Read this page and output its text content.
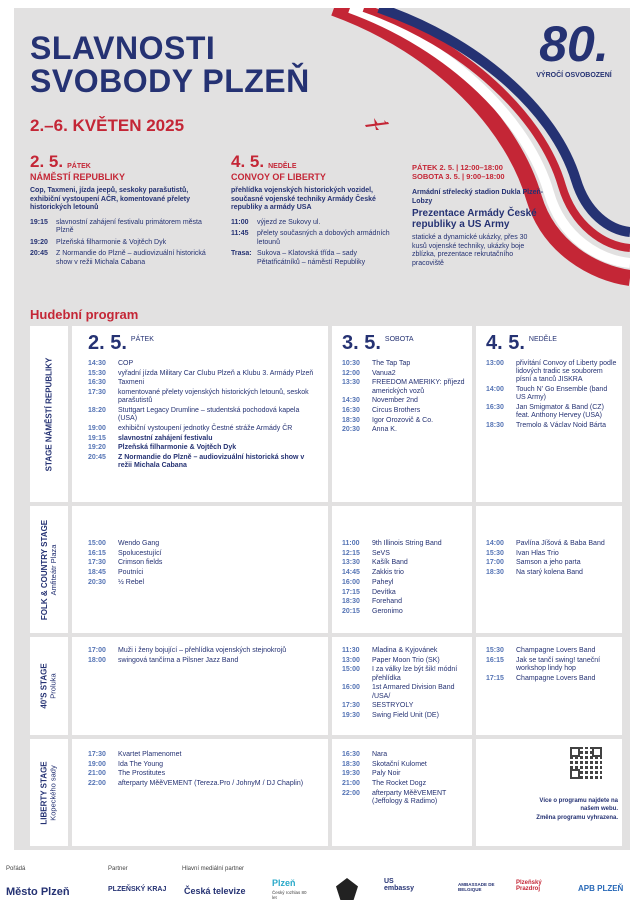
SLAVNOSTI
SVOBODY PLZEŇ
2.–6. KVĚTEN 2025
80.
VÝROČÍ OSVOBOZENÍ
2. 5. PÁTEK
NÁMĚSTÍ REPUBLIKY
Cop, Taxmeni, jízda jeepů, seskoky parašutistů, exhibiční vystoupení AČR, komentované přelety historických letounů
19:15	slavnostní zahájení festivalu primátorem města Plzně
19:20	Plzeňská filharmonie & Vojtěch Dyk
20:45	Z Normandie do Plzně – audiovizuální historická show v režii Michala Cabana
4. 5. NEDĚLE
CONVOY OF LIBERTY
přehlídka vojenských historických vozidel, současné vojenské techniky Armády České republiky a armády USA
11:00	výjezd ze Sukovy ul.
11:45	přelety současných a dobových armádních letounů
Trasa: Sukova – Klatovská třída – sady Pětatřicátníků – náměstí Republiky
PÁTEK 2. 5. | 12:00–18:00
SOBOTA 3. 5. | 9:00–18:00
Armádní střelecký stadion Dukla Plzeň-Lobzy
Prezentace Armády České republiky a US Army
statické a dynamické ukázky, přes 30 kusů vojenské techniky, ukázky boje zblízka, prezentace rekrutačního pracoviště
Hudební program
STAGE NÁMĚSTÍ REPUBLIKY
FOLK & COUNTRY STAGE Amfiteátr Plaza
40'S STAGE Proluka
LIBERTY STAGE Kopeckého sady
2. 5. $^{PÁTEK}$
14:30	COP
15:30	vyřadní jízda Military Car Clubu Plzeň a Klubu 3. Armády Plzeň
16:30	Taxmeni
17:30	komentované přelety vojenských historických letounů, seskok parašutistů
18:20	Stuttgart Legacy Drumline – studentská pochodová kapela (USA)
19:00	exhibiční vystoupení jednotky Čestné stráže Armády ČR
19:15	slavnostní zahájení festivalu
19:20	Plzeňská filharmonie & Vojtěch Dyk
20:45	Z Normandie do Plzně – audiovizuální historická show v režii Michala Cabana
3. 5. $^{SOBOTA}$
10:30	The Tap Tap
12:00	Vanua2
13:30	FREEDOM AMERIKY: příjezd amerických vozů
14:30	November 2nd
16:30	Circus Brothers
18:30	Igor Orozovič & Co.
20:30	Anna K.
4. 5. $^{NEDĚLE}$
13:00	přivítání Convoy of Liberty podle lidových tradic se souborem písní a tanců JISKRA
14:00	Touch N' Go Ensemble (band US Army)
16:30	Jan Smigmator & Band (CZ) feat. Anthony Hervey (USA)
18:30	Tremolo & Václav Noid Bárta
15:00	Wendo Gang
16:15	Spolucestující
17:30	Crimson fields
18:45	Poutníci
20:30	½ Rebel
11:00	9th Illinois String Band
12:15	SeVS
13:30	Kašík Band
14:45	Zakkis trio
16:00	Paheyl
17:15	Devítka
18:30	Forehand
20:15	Geronimo
14:00	Pavlína Jíšová & Baba Band
15:30	Ivan Hlas Trio
17:00	Samson a jeho parta
18:30	Na starý kolena Band
17:00	Muži i ženy bojující – přehlídka vojenských stejnokrojů
18:00	swingová tančírna a Pilsner Jazz Band
11:30	Mladina & Kyjovánek
13:00	Paper Moon Trio (SK)
15:00	I za války lze být šik! módní přehlídka
16:00	1st Armared Division Band /USA/
17:30	SESTRYOLY
19:30	Swing Field Unit (DE)
15:30	Champagne Lovers Band
16:15	Jak se tančí swing! taneční workshop lindy hop
17:15	Champagne Lovers Band
17:30	Kvartet Plamenomet
19:00	Ida The Young
21:00	The Prostitutes
22:00	afterparty MěěVEMENT (Tereza.Pro / JohnyM / DJ Chaplin)
16:30	Nara
18:30	Skotační Kulomet
19:30	Paly Noir
21:00	The Rocket Dogz
22:00	afterparty MěěVEMENT (Jeffology & Radimo)	Více o programu najdete na našem webu.
Změna programu vyhrazena.
Pořádá
Město Plzeň
Partner
PLZEŇSKÝ KRAJ
Hlavní mediální partner
Česká televize
Plzeň
Český rozhlas 80 let
US embassy
AMBASSADE DE BELGIQUE
Plzeňský Prazdroj	APB PLZEŇ
